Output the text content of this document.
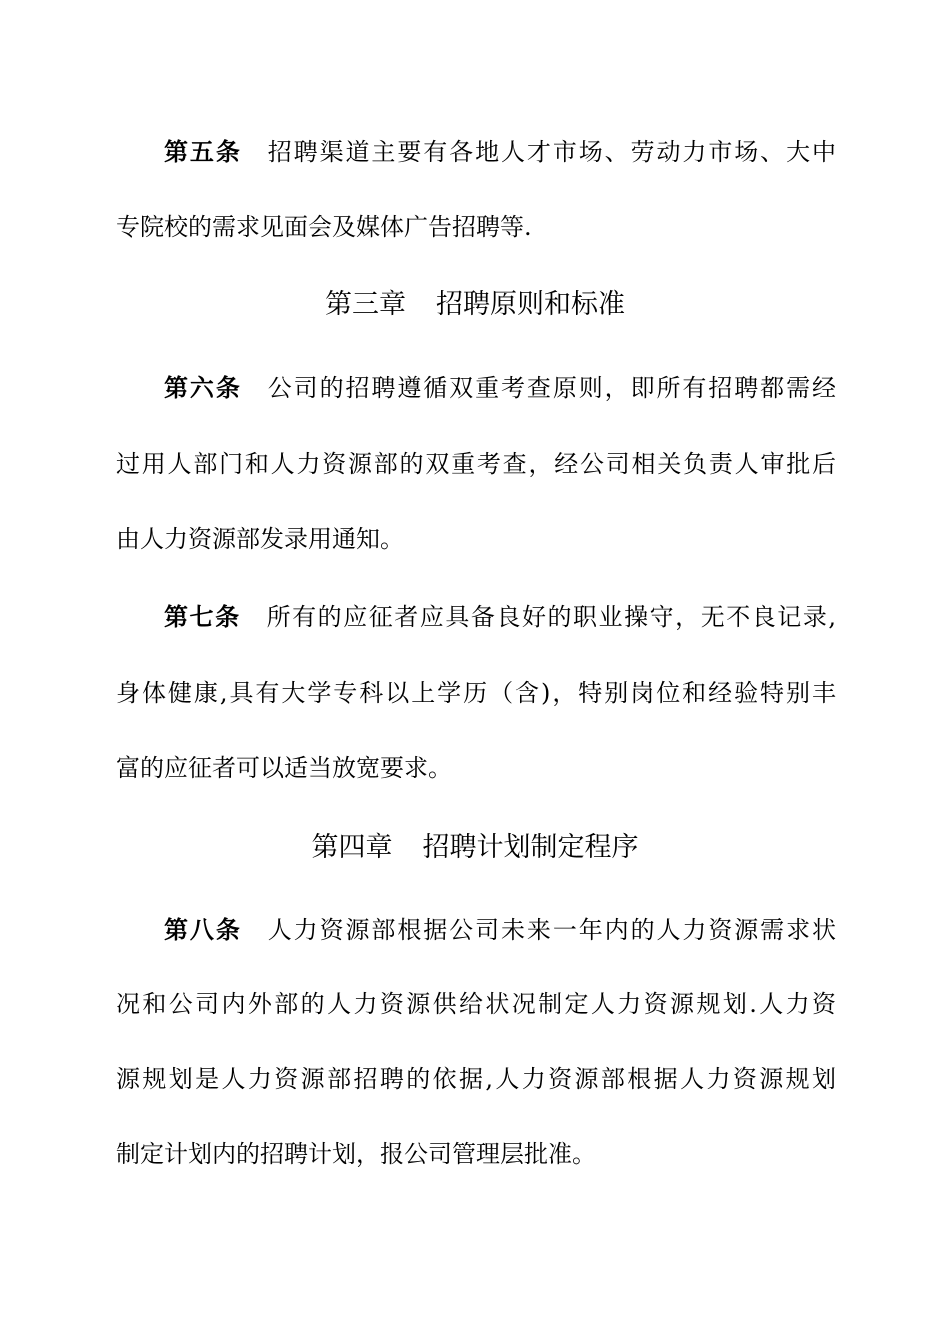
第五条 招聘渠道主要有各地人才市场、劳动力市场、大中
专院校的需求见面会及媒体广告招聘等.
第三章 招聘原则和标准
第六条 公司的招聘遵循双重考查原则，即所有招聘都需经
过用人部门和人力资源部的双重考查，经公司相关负责人审批后
由人力资源部发录用通知。
第七条 所有的应征者应具备良好的职业操守，无不良记录,
身体健康,具有大学专科以上学历（含)，特别岗位和经验特别丰
富的应征者可以适当放宽要求。
第四章 招聘计划制定程序
第八条 人力资源部根据公司未来一年内的人力资源需求状
况和公司内外部的人力资源供给状况制定人力资源规划.人力资
源规划是人力资源部招聘的依据,人力资源部根据人力资源规划
制定计划内的招聘计划，报公司管理层批准。
